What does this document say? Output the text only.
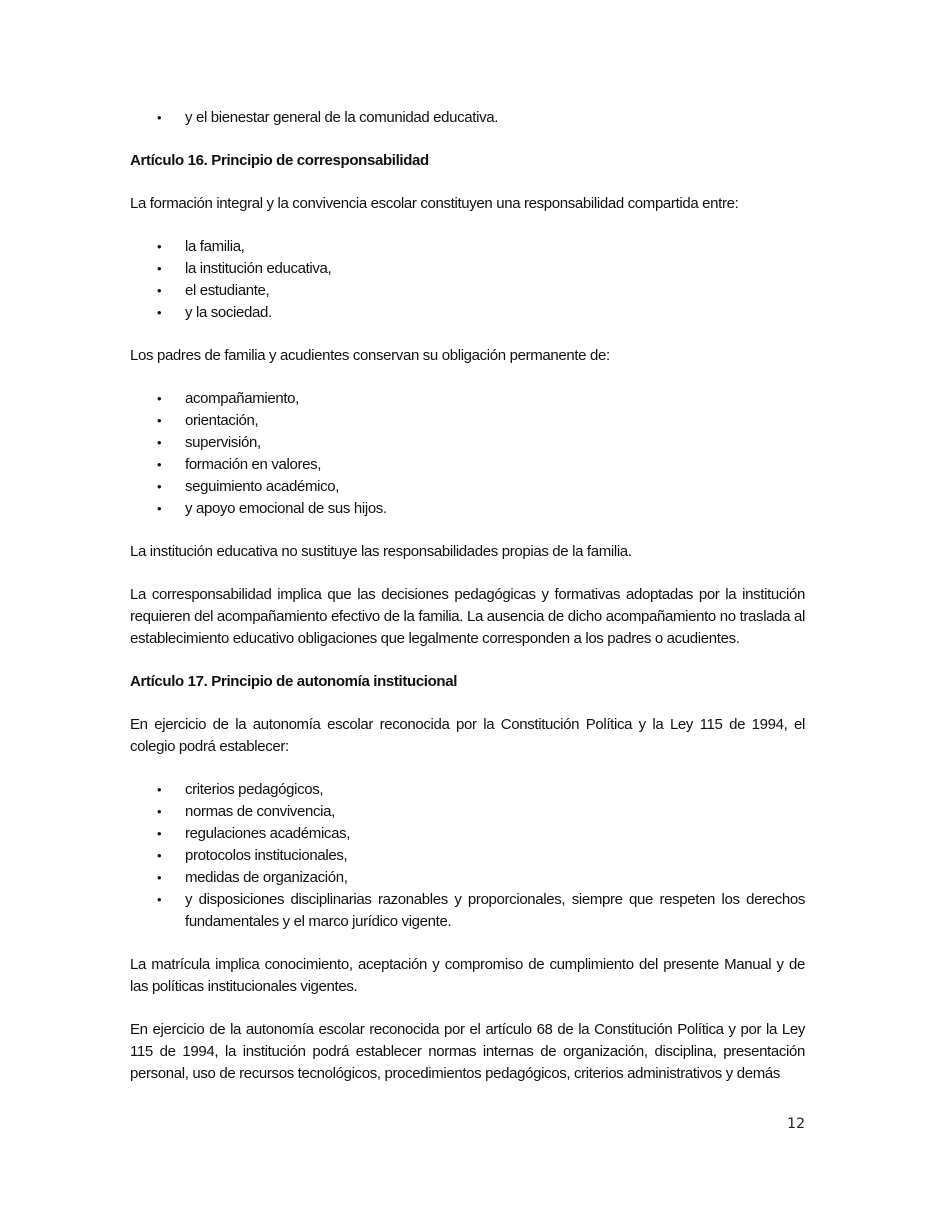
• y el bienestar general de la comunidad educativa.

Artículo 16. Principio de corresponsabilidad

La formación integral y la convivencia escolar constituyen una responsabilidad compartida entre:

• la familia,
• la institución educativa,
• el estudiante,
• y la sociedad.

Los padres de familia y acudientes conservan su obligación permanente de:

• acompañamiento,
• orientación,
• supervisión,
• formación en valores,
• seguimiento académico,
• y apoyo emocional de sus hijos.

La institución educativa no sustituye las responsabilidades propias de la familia.

La corresponsabilidad implica que las decisiones pedagógicas y formativas adoptadas por la institución requieren del acompañamiento efectivo de la familia. La ausencia de dicho acompañamiento no traslada al establecimiento educativo obligaciones que legalmente corresponden a los padres o acudientes.

Artículo 17. Principio de autonomía institucional

En ejercicio de la autonomía escolar reconocida por la Constitución Política y la Ley 115 de 1994, el colegio podrá establecer:

• criterios pedagógicos,
• normas de convivencia,
• regulaciones académicas,
• protocolos institucionales,
• medidas de organización,
• y disposiciones disciplinarias razonables y proporcionales, siempre que respeten los derechos fundamentales y el marco jurídico vigente.

La matrícula implica conocimiento, aceptación y compromiso de cumplimiento del presente Manual y de las políticas institucionales vigentes.

En ejercicio de la autonomía escolar reconocida por el artículo 68 de la Constitución Política y por la Ley 115 de 1994, la institución podrá establecer normas internas de organización, disciplina, presentación personal, uso de recursos tecnológicos, procedimientos pedagógicos, criterios administrativos y demás

12
